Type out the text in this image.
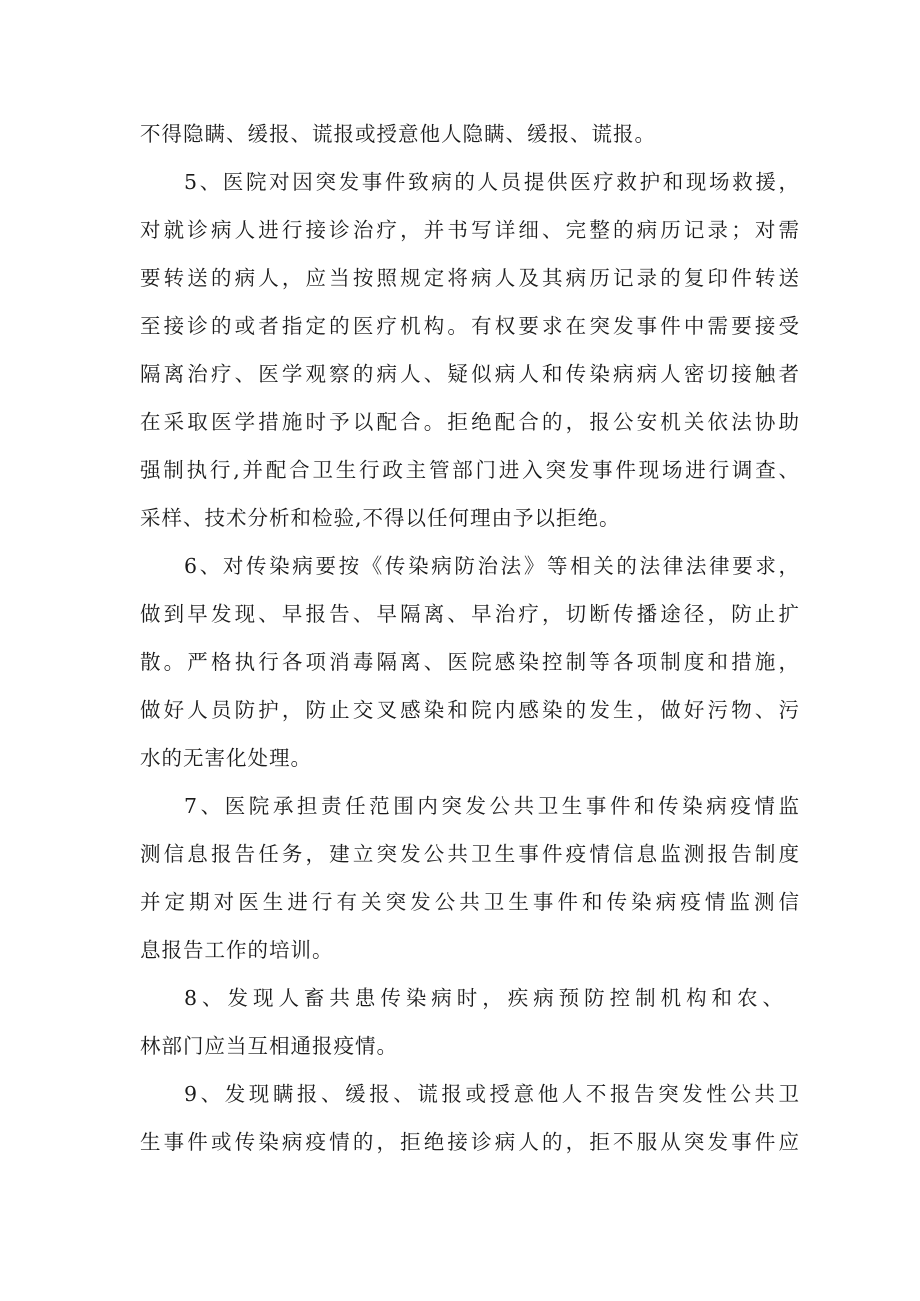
不得隐瞒、缓报、谎报或授意他人隐瞒、缓报、谎报。

5、医院对因突发事件致病的人员提供医疗救护和现场救援，

对就诊病人进行接诊治疗，并书写详细、完整的病历记录；对需

要转送的病人，应当按照规定将病人及其病历记录的复印件转送

至接诊的或者指定的医疗机构。有权要求在突发事件中需要接受

隔离治疗、医学观察的病人、疑似病人和传染病病人密切接触者

在采取医学措施时予以配合。拒绝配合的，报公安机关依法协助

强制执行,并配合卫生行政主管部门进入突发事件现场进行调查、

采样、技术分析和检验,不得以任何理由予以拒绝。

6、对传染病要按《传染病防治法》等相关的法律法律要求，

做到早发现、早报告、早隔离、早治疗，切断传播途径，防止扩

散。严格执行各项消毒隔离、医院感染控制等各项制度和措施，

做好人员防护，防止交叉感染和院内感染的发生，做好污物、污

水的无害化处理。

7、医院承担责任范围内突发公共卫生事件和传染病疫情监

测信息报告任务，建立突发公共卫生事件疫情信息监测报告制度

并定期对医生进行有关突发公共卫生事件和传染病疫情监测信

息报告工作的培训。

8、发现人畜共患传染病时，疾病预防控制机构和农、

林部门应当互相通报疫情。

9、发现瞒报、缓报、谎报或授意他人不报告突发性公共卫

生事件或传染病疫情的，拒绝接诊病人的，拒不服从突发事件应
